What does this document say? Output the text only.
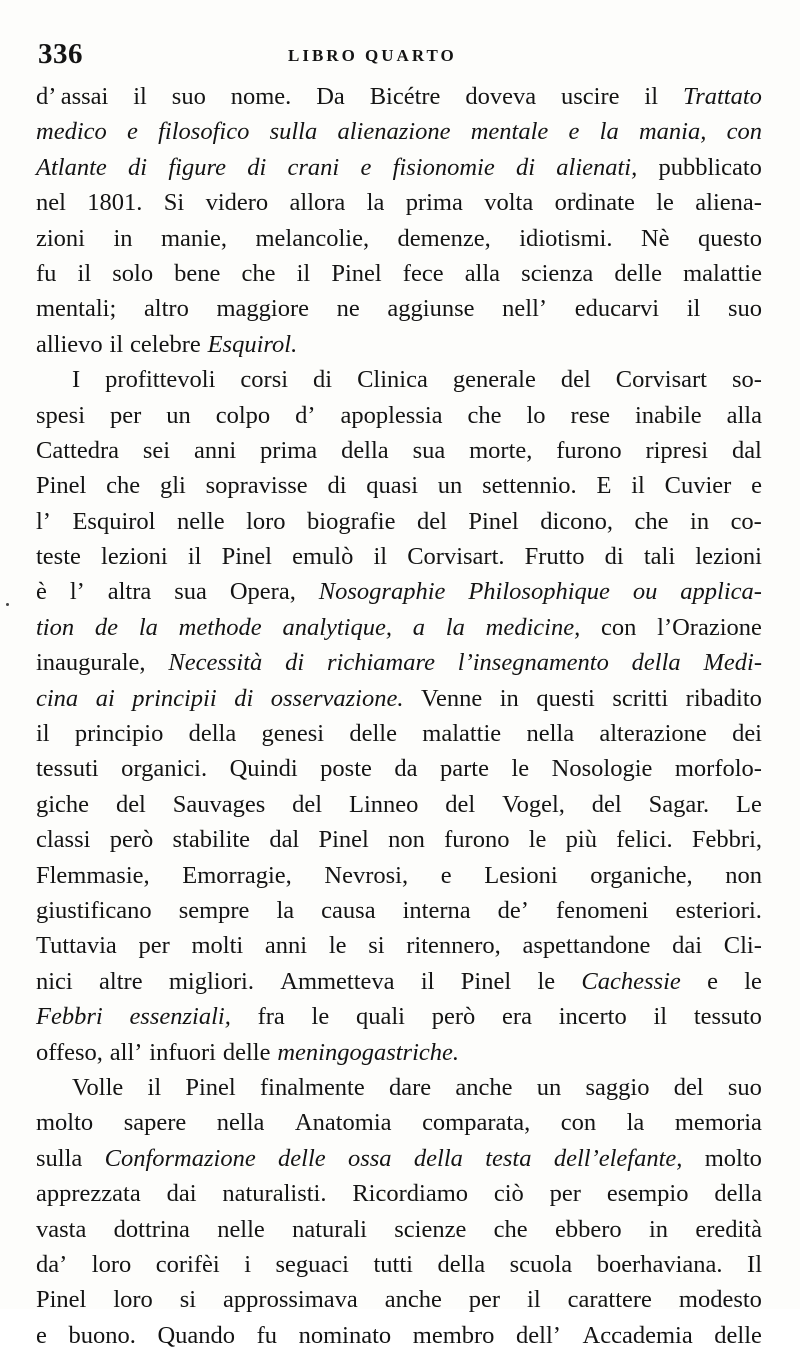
336	LIBRO QUARTO
d’ assai il suo nome. Da Bicétre doveva uscire il Trattato
medico e filosofico sulla alienazione mentale e la mania, con
Atlante di figure di crani e fisionomie di alienati, pubblicato
nel 1801. Si videro allora la prima volta ordinate le aliena-
zioni in manie, melancolie, demenze, idiotismi. Nè questo
fu il solo bene che il Pinel fece alla scienza delle malattie
mentali; altro maggiore ne aggiunse nell’ educarvi il suo
allievo il celebre Esquirol.
I profittevoli corsi di Clinica generale del Corvisart so-
spesi per un colpo d’ apoplessia che lo rese inabile alla
Cattedra sei anni prima della sua morte, furono ripresi dal
Pinel che gli sopravisse di quasi un settennio. E il Cuvier e
l’ Esquirol nelle loro biografie del Pinel dicono, che in co-
teste lezioni il Pinel emulò il Corvisart. Frutto di tali lezioni
è l’ altra sua Opera, Nosographie Philosophique ou applica-
tion de la methode analytique, a la medicine, con l’Orazione
inaugurale, Necessità di richiamare l’insegnamento della Medi-
cina ai principii di osservazione. Venne in questi scritti ribadito
il principio della genesi delle malattie nella alterazione dei
tessuti organici. Quindi poste da parte le Nosologie morfolo-
giche del Sauvages del Linneo del Vogel, del Sagar. Le
classi però stabilite dal Pinel non furono le più felici. Febbri,
Flemmasie, Emorragie, Nevrosi, e Lesioni organiche, non
giustificano sempre la causa interna de’ fenomeni esteriori.
Tuttavia per molti anni le si ritennero, aspettandone dai Cli-
nici altre migliori. Ammetteva il Pinel le Cachessie e le
Febbri essenziali, fra le quali però era incerto il tessuto
offeso, all’ infuori delle meningogastriche.
Volle il Pinel finalmente dare anche un saggio del suo
molto sapere nella Anatomia comparata, con la memoria
sulla Conformazione delle ossa della testa dell’elefante, molto
apprezzata dai naturalisti. Ricordiamo ciò per esempio della
vasta dottrina nelle naturali scienze che ebbero in eredità
da’ loro corifèi i seguaci tutti della scuola boerhaviana. Il
Pinel loro si approssimava anche per il carattere modesto
e buono. Quando fu nominato membro dell’ Accademia delle
